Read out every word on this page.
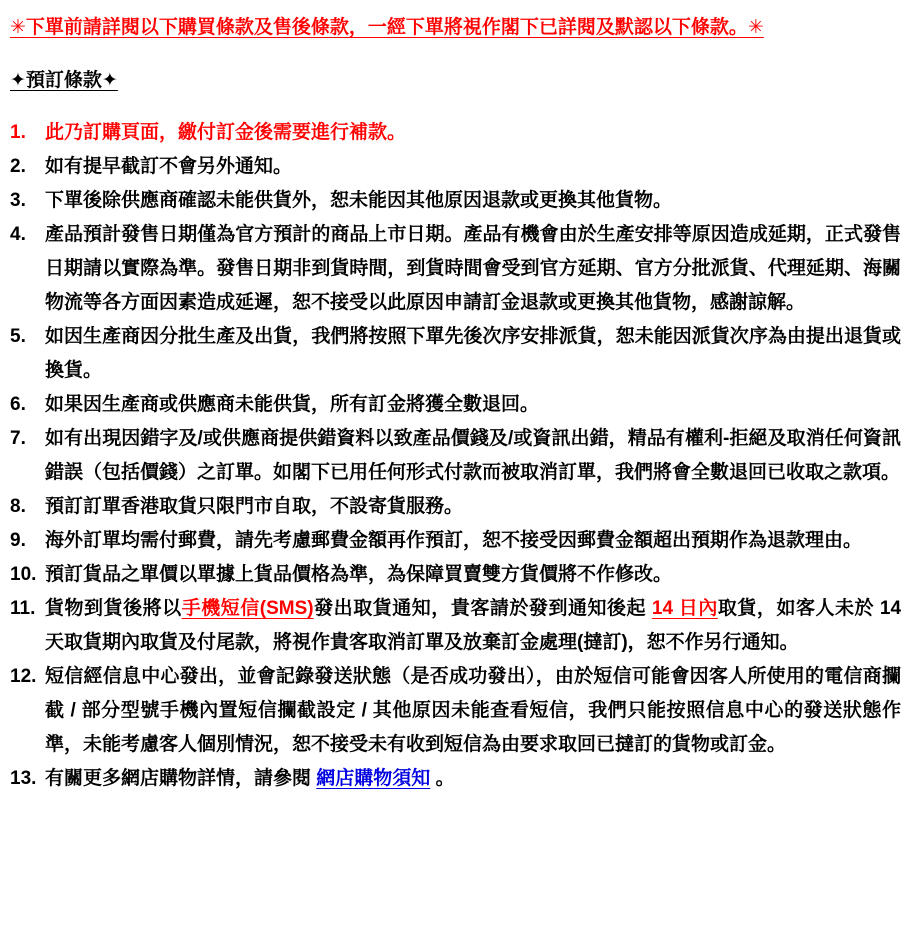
✳下單前請詳閱以下購買條款及售後條款，一經下單將視作閣下已詳閱及默認以下條款。✳
✦預訂條款✦
1. 此乃訂購頁面，繳付訂金後需要進行補款。
2. 如有提早截訂不會另外通知。
3. 下單後除供應商確認未能供貨外，恕未能因其他原因退款或更換其他貨物。
4. 產品預計發售日期僅為官方預計的商品上市日期。產品有機會由於生產安排等原因造成延期，正式發售日期請以實際為準。發售日期非到貨時間，到貨時間會受到官方延期、官方分批派貨、代理延期、海關物流等各方面因素造成延遲，恕不接受以此原因申請訂金退款或更換其他貨物，感謝諒解。
5. 如因生產商因分批生產及出貨，我們將按照下單先後次序安排派貨，恕未能因派貨次序為由提出退貨或換貨。
6. 如果因生產商或供應商未能供貨，所有訂金將獲全數退回。
7. 如有出現因錯字及/或供應商提供錯資料以致產品價錢及/或資訊出錯，精品有權利-拒絕及取消任何資訊錯誤（包括價錢）之訂單。如閣下已用任何形式付款而被取消訂單，我們將會全數退回已收取之款項。
8. 預訂訂單香港取貨只限門市自取，不設寄貨服務。
9. 海外訂單均需付郵費，請先考慮郵費金額再作預訂，恕不接受因郵費金額超出預期作為退款理由。
10. 預訂貨品之單價以單據上貨品價格為準，為保障買賣雙方貨價將不作修改。
11. 貨物到貨後將以手機短信(SMS)發出取貨通知，貴客請於發到通知後起 14 日內取貨，如客人未於 14 天取貨期內取貨及付尾款，將視作貴客取消訂單及放棄訂金處理(撻訂)，恕不作另行通知。
12. 短信經信息中心發出，並會記錄發送狀態（是否成功發出），由於短信可能會因客人所使用的電信商攔截 / 部分型號手機內置短信攔截設定 / 其他原因未能查看短信，我們只能按照信息中心的發送狀態作準，未能考慮客人個別情況，恕不接受未有收到短信為由要求取回已撻訂的貨物或訂金。
13. 有關更多網店購物詳情，請參閱 網店購物須知 。
